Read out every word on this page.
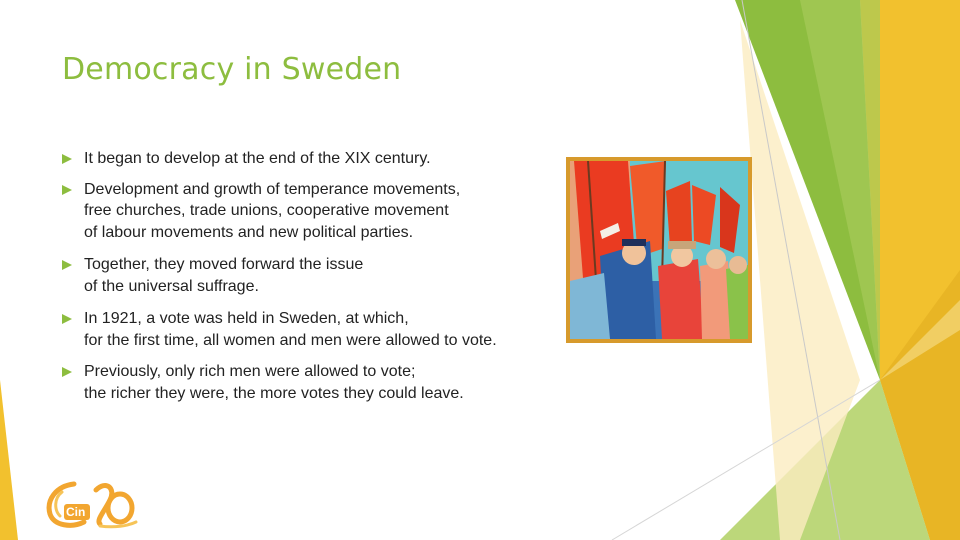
Democracy in Sweden
It began to develop at the end of the XIX century.
Development and growth of temperance movements,
free churches, trade unions, cooperative movement
of labour movements and new political parties.
Together, they moved forward the issue
of the universal suffrage.
In 1921, a vote was held in Sweden, at which,
for the first time, all women and men were allowed to vote.
Previously, only rich men were allowed to vote;
the richer they were, the more votes they could leave.
Cin
